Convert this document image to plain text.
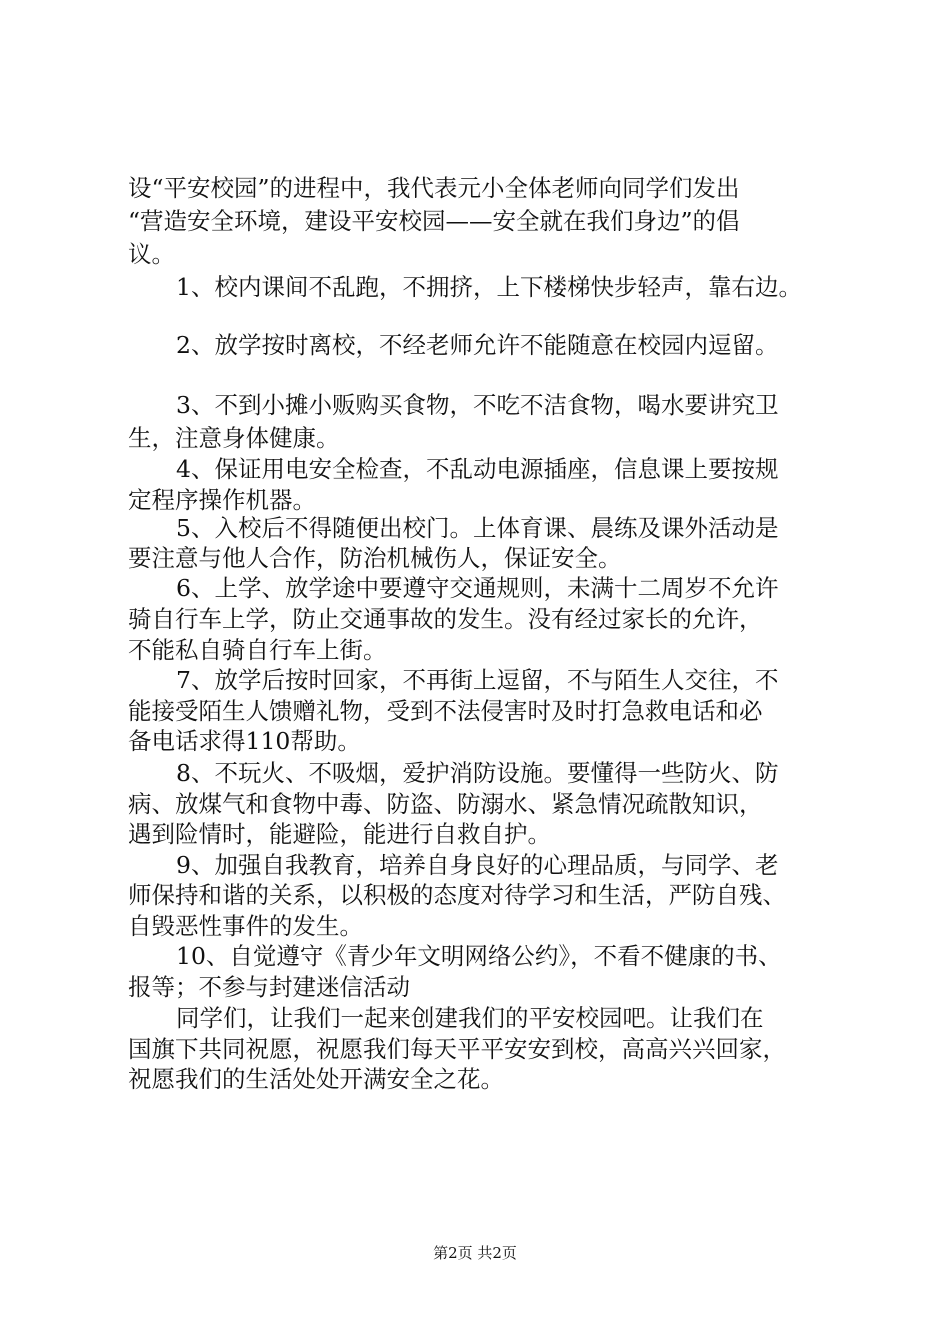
设“平安校园”的进程中，我代表元小全体老师向同学们发出
“营造安全环境，建设平安校园——安全就在我们身边”的倡
议。
1、校内课间不乱跑，不拥挤，上下楼梯快步轻声，靠右边。
2、放学按时离校，不经老师允许不能随意在校园内逗留。
3、不到小摊小贩购买食物，不吃不洁食物，喝水要讲究卫
生，注意身体健康。
4、保证用电安全检查，不乱动电源插座，信息课上要按规
定程序操作机器。
5、入校后不得随便出校门。上体育课、晨练及课外活动是
要注意与他人合作，防治机械伤人，保证安全。
6、上学、放学途中要遵守交通规则，未满十二周岁不允许
骑自行车上学，防止交通事故的发生。没有经过家长的允许，
不能私自骑自行车上街。
7、放学后按时回家，不再街上逗留，不与陌生人交往，不
能接受陌生人馈赠礼物，受到不法侵害时及时打急救电话和必
备电话求得110帮助。
8、不玩火、不吸烟，爱护消防设施。要懂得一些防火、防
病、放煤气和食物中毒、防盗、防溺水、紧急情况疏散知识，
遇到险情时，能避险，能进行自救自护。
9、加强自我教育，培养自身良好的心理品质，与同学、老
师保持和谐的关系，以积极的态度对待学习和生活，严防自残、
自毁恶性事件的发生。
10、自觉遵守《青少年文明网络公约》，不看不健康的书、
报等；不参与封建迷信活动
同学们，让我们一起来创建我们的平安校园吧。让我们在
国旗下共同祝愿，祝愿我们每天平平安安到校，高高兴兴回家，
祝愿我们的生活处处开满安全之花。
第2页 共2页
